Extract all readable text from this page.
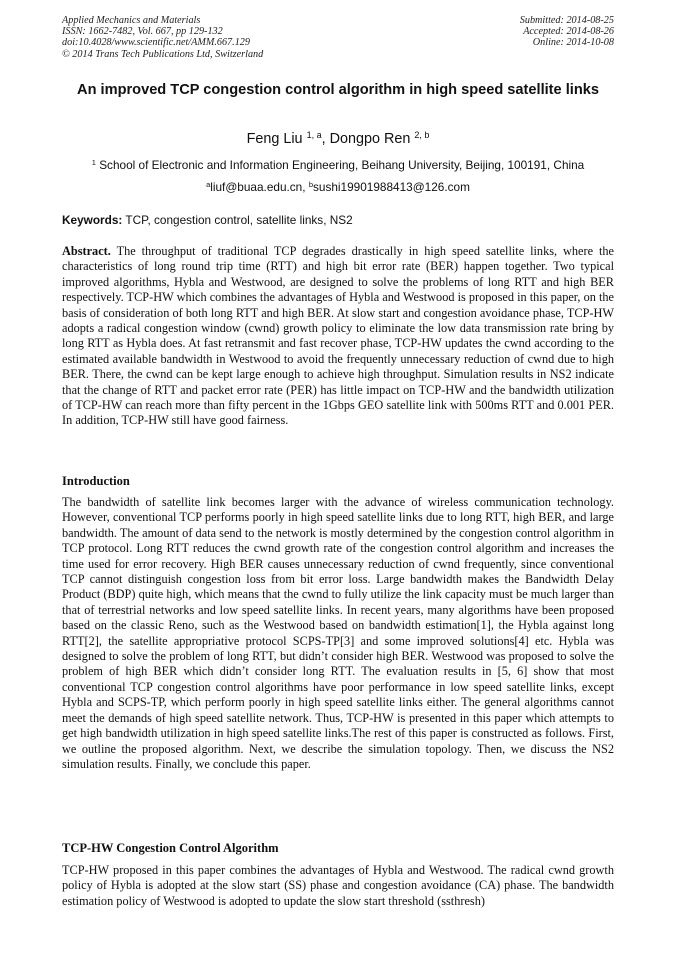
Applied Mechanics and Materials
ISSN: 1662-7482, Vol. 667, pp 129-132
doi:10.4028/www.scientific.net/AMM.667.129
© 2014 Trans Tech Publications Ltd, Switzerland
Submitted: 2014-08-25
Accepted: 2014-08-26
Online: 2014-10-08
An improved TCP congestion control algorithm in high speed satellite links
Feng Liu $^{1, a}$, Dongpo Ren $^{2, b}$
$^1$ School of Electronic and Information Engineering, Beihang University, Beijing, 100191, China
$^a$liuf@buaa.edu.cn, $^b$sushi19901988413@126.com
Keywords: TCP, congestion control, satellite links, NS2
Abstract. The throughput of traditional TCP degrades drastically in high speed satellite links, where the characteristics of long round trip time (RTT) and high bit error rate (BER) happen together. Two typical improved algorithms, Hybla and Westwood, are designed to solve the problems of long RTT and high BER respectively. TCP-HW which combines the advantages of Hybla and Westwood is proposed in this paper, on the basis of consideration of both long RTT and high BER. At slow start and congestion avoidance phase, TCP-HW adopts a radical congestion window (cwnd) growth policy to eliminate the low data transmission rate bring by long RTT as Hybla does. At fast retransmit and fast recover phase, TCP-HW updates the cwnd according to the estimated available bandwidth in Westwood to avoid the frequently unnecessary reduction of cwnd due to high BER. There, the cwnd can be kept large enough to achieve high throughput. Simulation results in NS2 indicate that the change of RTT and packet error rate (PER) has little impact on TCP-HW and the bandwidth utilization of TCP-HW can reach more than fifty percent in the 1Gbps GEO satellite link with 500ms RTT and 0.001 PER. In addition, TCP-HW still have good fairness.
Introduction
The bandwidth of satellite link becomes larger with the advance of wireless communication technology. However, conventional TCP performs poorly in high speed satellite links due to long RTT, high BER, and large bandwidth. The amount of data send to the network is mostly determined by the congestion control algorithm in TCP protocol. Long RTT reduces the cwnd growth rate of the congestion control algorithm and increases the time used for error recovery. High BER causes unnecessary reduction of cwnd frequently, since conventional TCP cannot distinguish congestion loss from bit error loss. Large bandwidth makes the Bandwidth Delay Product (BDP) quite high, which means that the cwnd to fully utilize the link capacity must be much larger than that of terrestrial networks and low speed satellite links. In recent years, many algorithms have been proposed based on the classic Reno, such as the Westwood based on bandwidth estimation[1], the Hybla against long RTT[2], the satellite appropriative protocol SCPS-TP[3] and some improved solutions[4] etc. Hybla was designed to solve the problem of long RTT, but didn’t consider high BER. Westwood was proposed to solve the problem of high BER which didn’t consider long RTT. The evaluation results in [5, 6] show that most conventional TCP congestion control algorithms have poor performance in low speed satellite links, except Hybla and SCPS-TP, which perform poorly in high speed satellite links either. The general algorithms cannot meet the demands of high speed satellite network. Thus, TCP-HW is presented in this paper which attempts to get high bandwidth utilization in high speed satellite links.The rest of this paper is constructed as follows. First, we outline the proposed algorithm. Next, we describe the simulation topology. Then, we discuss the NS2 simulation results. Finally, we conclude this paper.
TCP-HW Congestion Control Algorithm
TCP-HW proposed in this paper combines the advantages of Hybla and Westwood. The radical cwnd growth policy of Hybla is adopted at the slow start (SS) phase and congestion avoidance (CA) phase. The bandwidth estimation policy of Westwood is adopted to update the slow start threshold (ssthresh)
